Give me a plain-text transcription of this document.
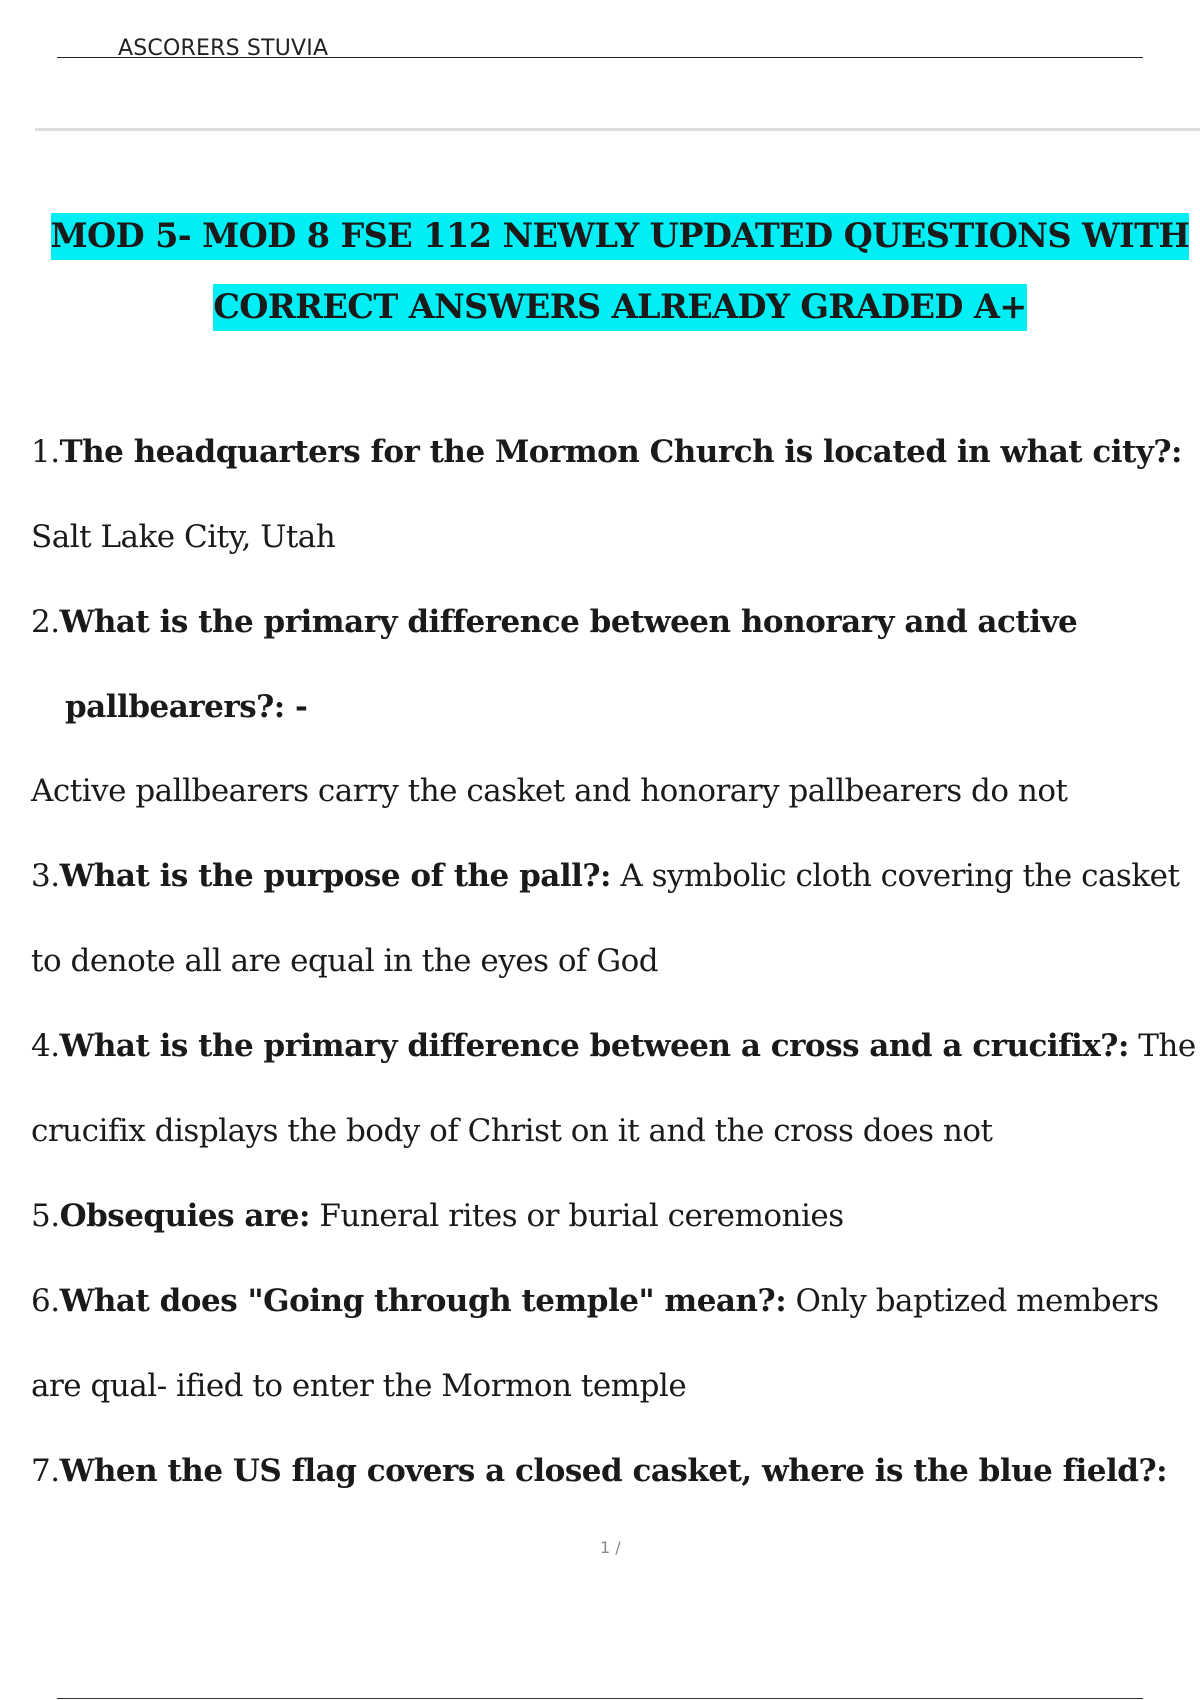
ASCORERS STUVIA
MOD 5- MOD 8 FSE 112 NEWLY UPDATED QUESTIONS WITH
CORRECT ANSWERS ALREADY GRADED A+

1.The headquarters for the Mormon Church is located in what city?:

Salt Lake City, Utah

2.What is the primary difference between honorary and active

pallbearers?: -

Active pallbearers carry the casket and honorary pallbearers do not

3.What is the purpose of the pall?: A symbolic cloth covering the casket

to denote all are equal in the eyes of God

4.What is the primary difference between a cross and a crucifix?: The

crucifix displays the body of Christ on it and the cross does not

5.Obsequies are: Funeral rites or burial ceremonies

6.What does "Going through temple" mean?: Only baptized members

are qual- ified to enter the Mormon temple

7.When the US flag covers a closed casket, where is the blue field?:

1 /
